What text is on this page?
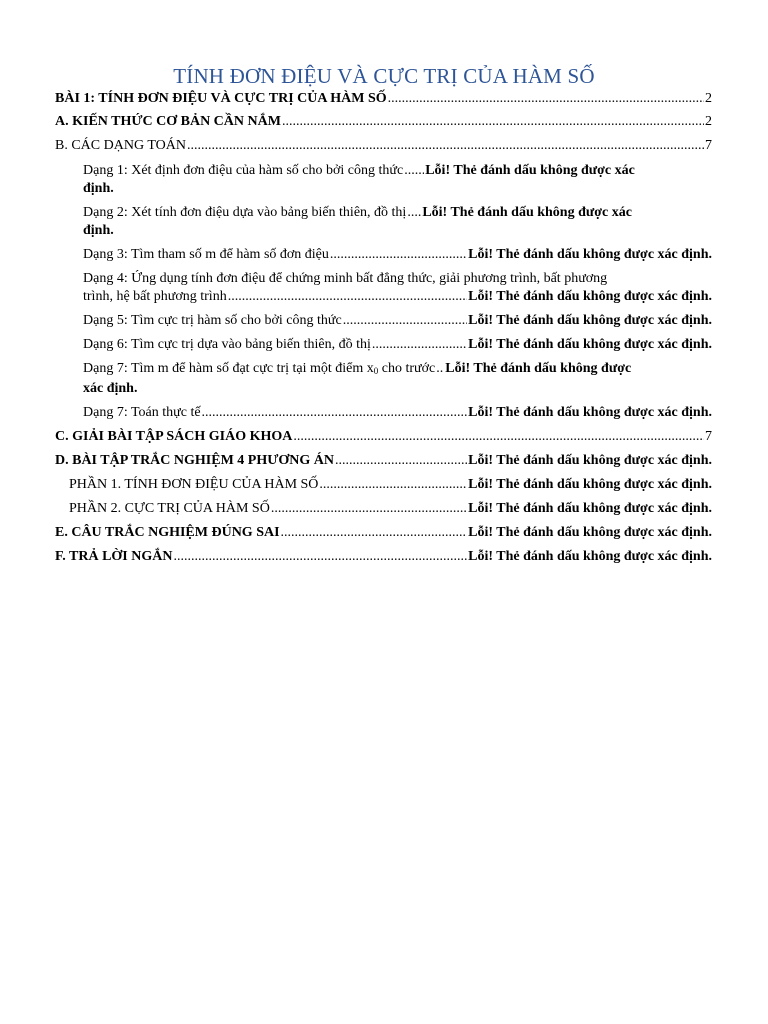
TÍNH ĐƠN ĐIỆU VÀ CỰC TRỊ CỦA HÀM SỐ
BÀI 1: TÍNH ĐƠN ĐIỆU VÀ CỰC TRỊ CỦA HÀM SỐ .....	2
A. KIẾN THỨC CƠ BẢN CẦN NẮM .....	2
B. CÁC DẠNG TOÁN .....	7
Dạng 1: Xét định đơn điệu của hàm số cho bởi công thức ..... Lỗi! Thẻ đánh dấu không được xác
định.
Dạng 2: Xét tính đơn điệu dựa vào bảng biến thiên, đồ thị ..... Lỗi! Thẻ đánh dấu không được xác
định.
Dạng 3: Tìm tham số m để hàm số đơn điệu .....	Lỗi! Thẻ đánh dấu không được xác định.
Dạng 4: Ứng dụng tính đơn điệu để chứng minh bất đẳng thức, giải phương trình, bất phương
trình, hệ bất phương trình .....	Lỗi! Thẻ đánh dấu không được xác định.
Dạng 5: Tìm cực trị hàm số cho bởi công thức .....	Lỗi! Thẻ đánh dấu không được xác định.
Dạng 6: Tìm cực trị dựa vào bảng biến thiên, đồ thị .....	Lỗi! Thẻ đánh dấu không được xác định.
Dạng 7: Tìm m để hàm số đạt cực trị tại một điểm $x_0$ cho trước ..... Lỗi! Thẻ đánh dấu không được
xác định.
Dạng 7: Toán thực tế .....	Lỗi! Thẻ đánh dấu không được xác định.
C. GIẢI BÀI TẬP SÁCH GIÁO KHOA .....	7
D. BÀI TẬP TRẮC NGHIỆM 4 PHƯƠNG ÁN .....	Lỗi! Thẻ đánh dấu không được xác định.
PHẦN 1. TÍNH ĐƠN ĐIỆU CỦA HÀM SỐ .....	Lỗi! Thẻ đánh dấu không được xác định.
PHẦN 2. CỰC TRỊ CỦA HÀM SỐ .....	Lỗi! Thẻ đánh dấu không được xác định.
E. CÂU TRẮC NGHIỆM ĐÚNG SAI .....	Lỗi! Thẻ đánh dấu không được xác định.
F. TRẢ LỜI NGẮN .....	Lỗi! Thẻ đánh dấu không được xác định.
